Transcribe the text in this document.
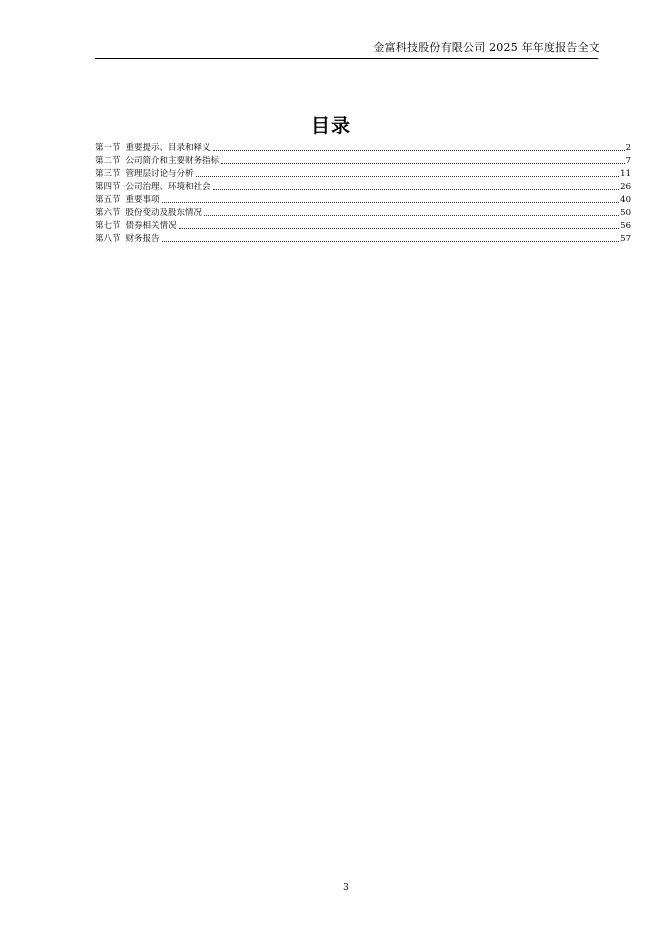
金富科技股份有限公司 2025 年年度报告全文
目录
第一节 重要提示、目录和释义	2
第二节 公司简介和主要财务指标	7
第三节 管理层讨论与分析	11
第四节 公司治理、环境和社会	26
第五节 重要事项	40
第六节 股份变动及股东情况	50
第七节 债券相关情况	56
第八节 财务报告	57
3
